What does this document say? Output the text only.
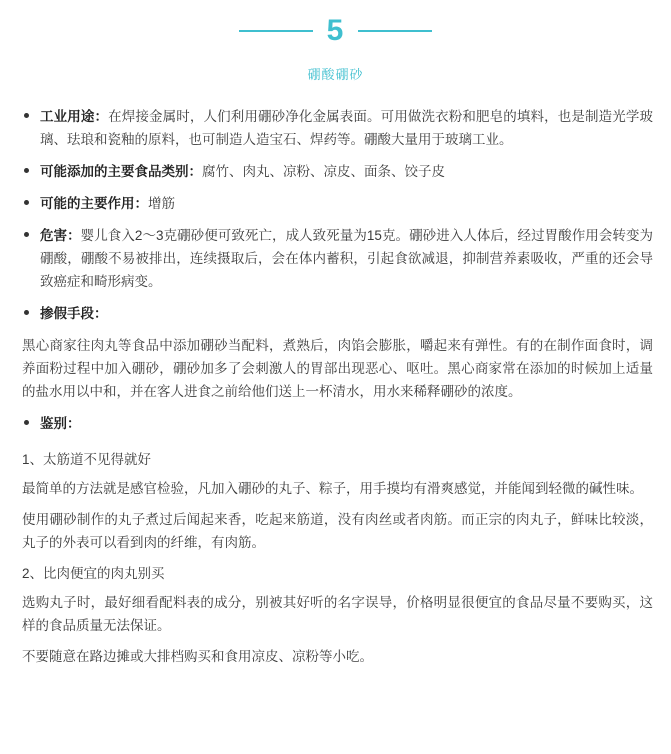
5
硼酸硼砂

工业用途：在焊接金属时，人们利用硼砂净化金属表面。可用做洗衣粉和肥皂的填料，也是制造光学玻璃、珐琅和瓷釉的原料，也可制造人造宝石、焊药等。硼酸大量用于玻璃工业。

可能添加的主要食品类别：腐竹、肉丸、凉粉、凉皮、面条、饺子皮

可能的主要作用：增筋

危害：婴儿食入2～3克硼砂便可致死亡，成人致死量为15克。硼砂进入人体后，经过胃酸作用会转变为硼酸，硼酸不易被排出，连续摄取后，会在体内蓄积，引起食欲减退，抑制营养素吸收，严重的还会导致癌症和畸形病变。

掺假手段：

黑心商家往肉丸等食品中添加硼砂当配料，煮熟后，肉馅会膨胀，嚼起来有弹性。有的在制作面食时，调养面粉过程中加入硼砂，硼砂加多了会刺激人的胃部出现恶心、呕吐。黑心商家常在添加的时候加上适量的盐水用以中和，并在客人进食之前给他们送上一杯清水，用水来稀释硼砂的浓度。

鉴别：

1、太筋道不见得就好

最简单的方法就是感官检验，凡加入硼砂的丸子、粽子，用手摸均有滑爽感觉，并能闻到轻微的碱性味。

使用硼砂制作的丸子煮过后闻起来香，吃起来筋道，没有肉丝或者肉筋。而正宗的肉丸子，鲜味比较淡，丸子的外表可以看到肉的纤维，有肉筋。

2、比肉便宜的肉丸别买

选购丸子时，最好细看配料表的成分，别被其好听的名字误导，价格明显很便宜的食品尽量不要购买，这样的食品质量无法保证。

不要随意在路边摊或大排档购买和食用凉皮、凉粉等小吃。
